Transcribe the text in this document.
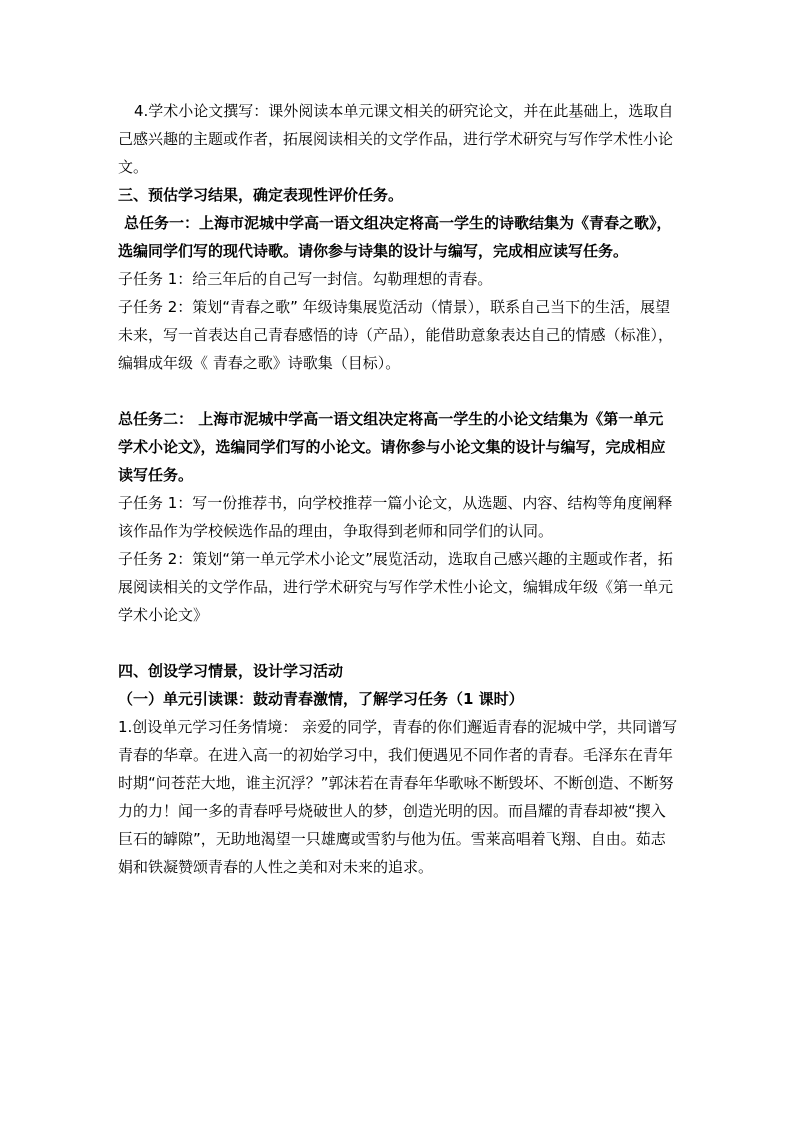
4.学术小论文撰写：课外阅读本单元课文相关的研究论文，并在此基础上，选取自己感兴趣的主题或作者，拓展阅读相关的文学作品，进行学术研究与写作学术性小论文。

三、预估学习结果，确定表现性评价任务。

总任务一：上海市泥城中学高一语文组决定将高一学生的诗歌结集为《青春之歌》，选编同学们写的现代诗歌。请你参与诗集的设计与编写，完成相应读写任务。

子任务 1：给三年后的自己写一封信。勾勒理想的青春。

子任务 2：策划“青春之歌” 年级诗集展览活动（情景），联系自己当下的生活，展望未来，写一首表达自己青春感悟的诗（产品），能借助意象表达自己的情感（标准），编辑成年级《 青春之歌》诗歌集（目标）。

总任务二： 上海市泥城中学高一语文组决定将高一学生的小论文结集为《第一单元学术小论文》，选编同学们写的小论文。请你参与小论文集的设计与编写，完成相应读写任务。

子任务 1：写一份推荐书，向学校推荐一篇小论文，从选题、内容、结构等角度阐释该作品作为学校候选作品的理由，争取得到老师和同学们的认同。

子任务 2：策划“第一单元学术小论文”展览活动，选取自己感兴趣的主题或作者，拓展阅读相关的文学作品，进行学术研究与写作学术性小论文，编辑成年级《第一单元学术小论文》

四、创设学习情景，设计学习活动

（一）单元引读课：鼓动青春激情，了解学习任务（1 课时）

1.创设单元学习任务情境： 亲爱的同学，青春的你们邂逅青春的泥城中学，共同谱写青春的华章。在进入高一的初始学习中，我们便遇见不同作者的青春。毛泽东在青年时期“问苍茫大地，谁主沉浮？”郭沫若在青春年华歌咏不断毁坏、不断创造、不断努力的力！闻一多的青春呼号烧破世人的梦，创造光明的因。而昌耀的青春却被“揳入巨石的罅隙”，无助地渴望一只雄鹰或雪豹与他为伍。雪莱高唱着飞翔、自由。茹志娟和铁凝赞颂青春的人性之美和对未来的追求。
